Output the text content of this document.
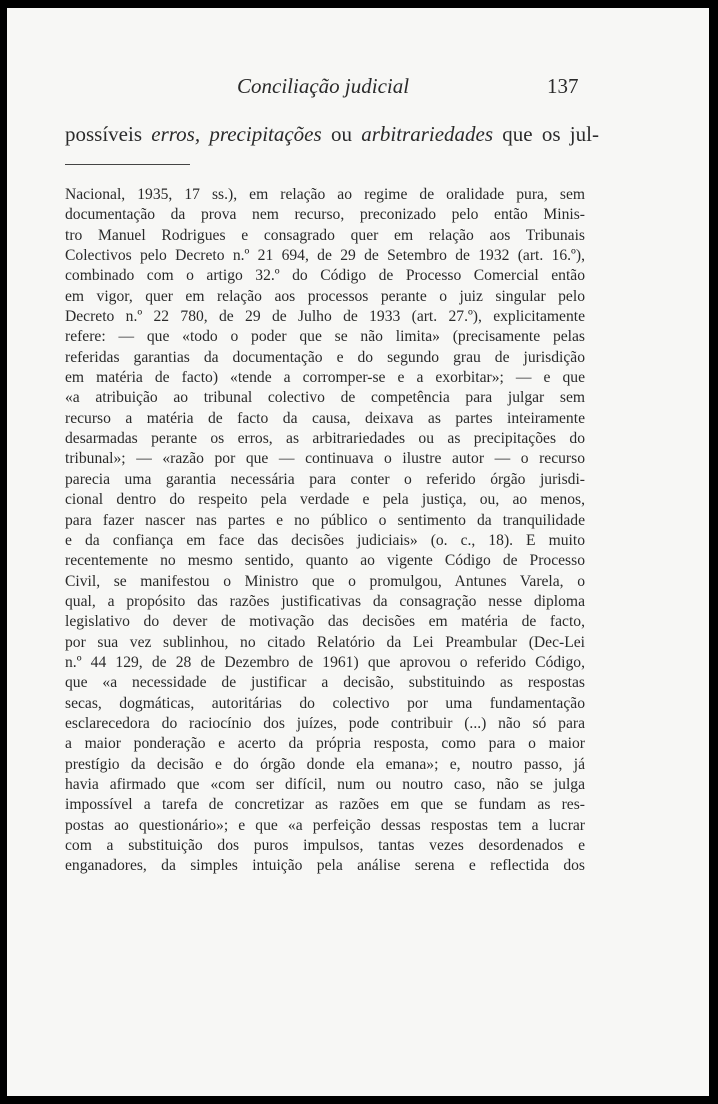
Conciliação judicial	137
possíveis erros, precipitações ou arbitrariedades que os jul-
Nacional, 1935, 17 ss.), em relação ao regime de oralidade pura, sem
documentação da prova nem recurso, preconizado pelo então Minis-
tro Manuel Rodrigues e consagrado quer em relação aos Tribunais
Colectivos pelo Decreto n.º 21 694, de 29 de Setembro de 1932 (art. 16.º),
combinado com o artigo 32.º do Código de Processo Comercial então
em vigor, quer em relação aos processos perante o juiz singular pelo
Decreto n.º 22 780, de 29 de Julho de 1933 (art. 27.º), explicitamente
refere: — que «todo o poder que se não limita» (precisamente pelas
referidas garantias da documentação e do segundo grau de jurisdição
em matéria de facto) «tende a corromper-se e a exorbitar»; — e que
«a atribuição ao tribunal colectivo de competência para julgar sem
recurso a matéria de facto da causa, deixava as partes inteiramente
desarmadas perante os erros, as arbitrariedades ou as precipitações do
tribunal»; — «razão por que — continuava o ilustre autor — o recurso
parecia uma garantia necessária para conter o referido órgão jurisdi-
cional dentro do respeito pela verdade e pela justiça, ou, ao menos,
para fazer nascer nas partes e no público o sentimento da tranquilidade
e da confiança em face das decisões judiciais» (o. c., 18). E muito
recentemente no mesmo sentido, quanto ao vigente Código de Processo
Civil, se manifestou o Ministro que o promulgou, Antunes Varela, o
qual, a propósito das razões justificativas da consagração nesse diploma
legislativo do dever de motivação das decisões em matéria de facto,
por sua vez sublinhou, no citado Relatório da Lei Preambular (Dec-Lei
n.º 44 129, de 28 de Dezembro de 1961) que aprovou o referido Código,
que «a necessidade de justificar a decisão, substituindo as respostas
secas, dogmáticas, autoritárias do colectivo por uma fundamentação
esclarecedora do raciocínio dos juízes, pode contribuir (...) não só para
a maior ponderação e acerto da própria resposta, como para o maior
prestígio da decisão e do órgão donde ela emana»; e, noutro passo, já
havia afirmado que «com ser difícil, num ou noutro caso, não se julga
impossível a tarefa de concretizar as razões em que se fundam as res-
postas ao questionário»; e que «a perfeição dessas respostas tem a lucrar
com a substituição dos puros impulsos, tantas vezes desordenados e
enganadores, da simples intuição pela análise serena e reflectida dos
